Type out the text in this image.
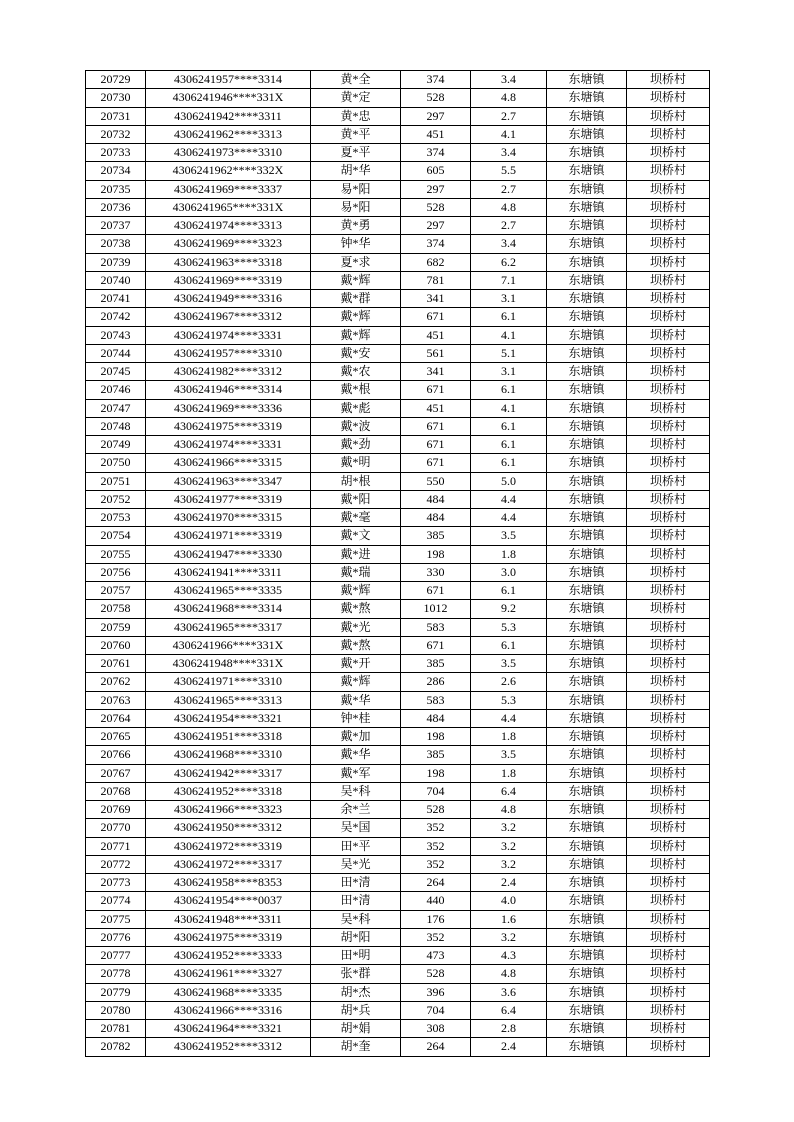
20729	4306241957****3314	黄*全	374	3.4	东塘镇	坝桥村
20730	4306241946****331X	黄*定	528	4.8	东塘镇	坝桥村
20731	4306241942****3311	黄*忠	297	2.7	东塘镇	坝桥村
20732	4306241962****3313	黄*平	451	4.1	东塘镇	坝桥村
20733	4306241973****3310	夏*平	374	3.4	东塘镇	坝桥村
20734	4306241962****332X	胡*华	605	5.5	东塘镇	坝桥村
20735	4306241969****3337	易*阳	297	2.7	东塘镇	坝桥村
20736	4306241965****331X	易*阳	528	4.8	东塘镇	坝桥村
20737	4306241974****3313	黄*勇	297	2.7	东塘镇	坝桥村
20738	4306241969****3323	钟*华	374	3.4	东塘镇	坝桥村
20739	4306241963****3318	夏*求	682	6.2	东塘镇	坝桥村
20740	4306241969****3319	戴*辉	781	7.1	东塘镇	坝桥村
20741	4306241949****3316	戴*群	341	3.1	东塘镇	坝桥村
20742	4306241967****3312	戴*辉	671	6.1	东塘镇	坝桥村
20743	4306241974****3331	戴*辉	451	4.1	东塘镇	坝桥村
20744	4306241957****3310	戴*安	561	5.1	东塘镇	坝桥村
20745	4306241982****3312	戴*农	341	3.1	东塘镇	坝桥村
20746	4306241946****3314	戴*根	671	6.1	东塘镇	坝桥村
20747	4306241969****3336	戴*彪	451	4.1	东塘镇	坝桥村
20748	4306241975****3319	戴*波	671	6.1	东塘镇	坝桥村
20749	4306241974****3331	戴*劲	671	6.1	东塘镇	坝桥村
20750	4306241966****3315	戴*明	671	6.1	东塘镇	坝桥村
20751	4306241963****3347	胡*根	550	5.0	东塘镇	坝桥村
20752	4306241977****3319	戴*阳	484	4.4	东塘镇	坝桥村
20753	4306241970****3315	戴*毫	484	4.4	东塘镇	坝桥村
20754	4306241971****3319	戴*文	385	3.5	东塘镇	坝桥村
20755	4306241947****3330	戴*进	198	1.8	东塘镇	坝桥村
20756	4306241941****3311	戴*瑞	330	3.0	东塘镇	坝桥村
20757	4306241965****3335	戴*辉	671	6.1	东塘镇	坝桥村
20758	4306241968****3314	戴*熬	1012	9.2	东塘镇	坝桥村
20759	4306241965****3317	戴*光	583	5.3	东塘镇	坝桥村
20760	4306241966****331X	戴*熬	671	6.1	东塘镇	坝桥村
20761	4306241948****331X	戴*开	385	3.5	东塘镇	坝桥村
20762	4306241971****3310	戴*辉	286	2.6	东塘镇	坝桥村
20763	4306241965****3313	戴*华	583	5.3	东塘镇	坝桥村
20764	4306241954****3321	钟*桂	484	4.4	东塘镇	坝桥村
20765	4306241951****3318	戴*加	198	1.8	东塘镇	坝桥村
20766	4306241968****3310	戴*华	385	3.5	东塘镇	坝桥村
20767	4306241942****3317	戴*军	198	1.8	东塘镇	坝桥村
20768	4306241952****3318	吴*科	704	6.4	东塘镇	坝桥村
20769	4306241966****3323	余*兰	528	4.8	东塘镇	坝桥村
20770	4306241950****3312	吴*国	352	3.2	东塘镇	坝桥村
20771	4306241972****3319	田*平	352	3.2	东塘镇	坝桥村
20772	4306241972****3317	吴*光	352	3.2	东塘镇	坝桥村
20773	4306241958****8353	田*清	264	2.4	东塘镇	坝桥村
20774	4306241954****0037	田*清	440	4.0	东塘镇	坝桥村
20775	4306241948****3311	吴*科	176	1.6	东塘镇	坝桥村
20776	4306241975****3319	胡*阳	352	3.2	东塘镇	坝桥村
20777	4306241952****3333	田*明	473	4.3	东塘镇	坝桥村
20778	4306241961****3327	张*群	528	4.8	东塘镇	坝桥村
20779	4306241968****3335	胡*杰	396	3.6	东塘镇	坝桥村
20780	4306241966****3316	胡*兵	704	6.4	东塘镇	坝桥村
20781	4306241964****3321	胡*娟	308	2.8	东塘镇	坝桥村
20782	4306241952****3312	胡*奎	264	2.4	东塘镇	坝桥村
